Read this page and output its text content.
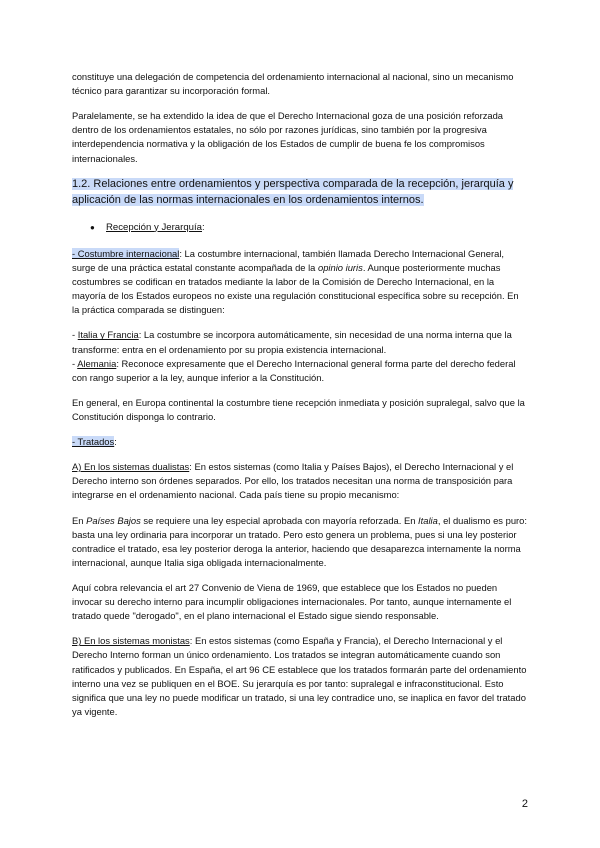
constituye una delegación de competencia del ordenamiento internacional al nacional, sino un mecanismo técnico para garantizar su incorporación formal.

Paralelamente, se ha extendido la idea de que el Derecho Internacional goza de una posición reforzada dentro de los ordenamientos estatales, no sólo por razones jurídicas, sino también por la progresiva interdependencia normativa y la obligación de los Estados de cumplir de buena fe los compromisos internacionales.

1.2. Relaciones entre ordenamientos y perspectiva comparada de la recepción, jerarquía y aplicación de las normas internacionales en los ordenamientos internos.

●	Recepción y Jerarquía:

- Costumbre internacional: La costumbre internacional, también llamada Derecho Internacional General, surge de una práctica estatal constante acompañada de la opinio iuris. Aunque posteriormente muchas costumbres se codifican en tratados mediante la labor de la Comisión de Derecho Internacional, en la mayoría de los Estados europeos no existe una regulación constitucional específica sobre su recepción. En la práctica comparada se distinguen:

- Italia y Francia: La costumbre se incorpora automáticamente, sin necesidad de una norma interna que la transforme: entra en el ordenamiento por su propia existencia internacional.
- Alemania: Reconoce expresamente que el Derecho Internacional general forma parte del derecho federal con rango superior a la ley, aunque inferior a la Constitución.

En general, en Europa continental la costumbre tiene recepción inmediata y posición supralegal, salvo que la Constitución disponga lo contrario.

- Tratados:

A) En los sistemas dualistas: En estos sistemas (como Italia y Países Bajos), el Derecho Internacional y el Derecho interno son órdenes separados. Por ello, los tratados necesitan una norma de transposición para integrarse en el ordenamiento nacional. Cada país tiene su propio mecanismo:

En Países Bajos se requiere una ley especial aprobada con mayoría reforzada. En Italia, el dualismo es puro: basta una ley ordinaria para incorporar un tratado. Pero esto genera un problema, pues si una ley posterior contradice el tratado, esa ley posterior deroga la anterior, haciendo que desaparezca internamente la norma internacional, aunque Italia siga obligada internacionalmente.

Aquí cobra relevancia el art 27 Convenio de Viena de 1969, que establece que los Estados no pueden invocar su derecho interno para incumplir obligaciones internacionales. Por tanto, aunque internamente el tratado quede "derogado", en el plano internacional el Estado sigue siendo responsable.

B) En los sistemas monistas: En estos sistemas (como España y Francia), el Derecho Internacional y el Derecho Interno forman un único ordenamiento. Los tratados se integran automáticamente cuando son ratificados y publicados. En España, el art 96 CE establece que los tratados formarán parte del ordenamiento interno una vez se publiquen en el BOE. Su jerarquía es por tanto: supralegal e infraconstitucional. Esto significa que una ley no puede modificar un tratado, si una ley contradice uno, se inaplica en favor del tratado ya vigente.

2
